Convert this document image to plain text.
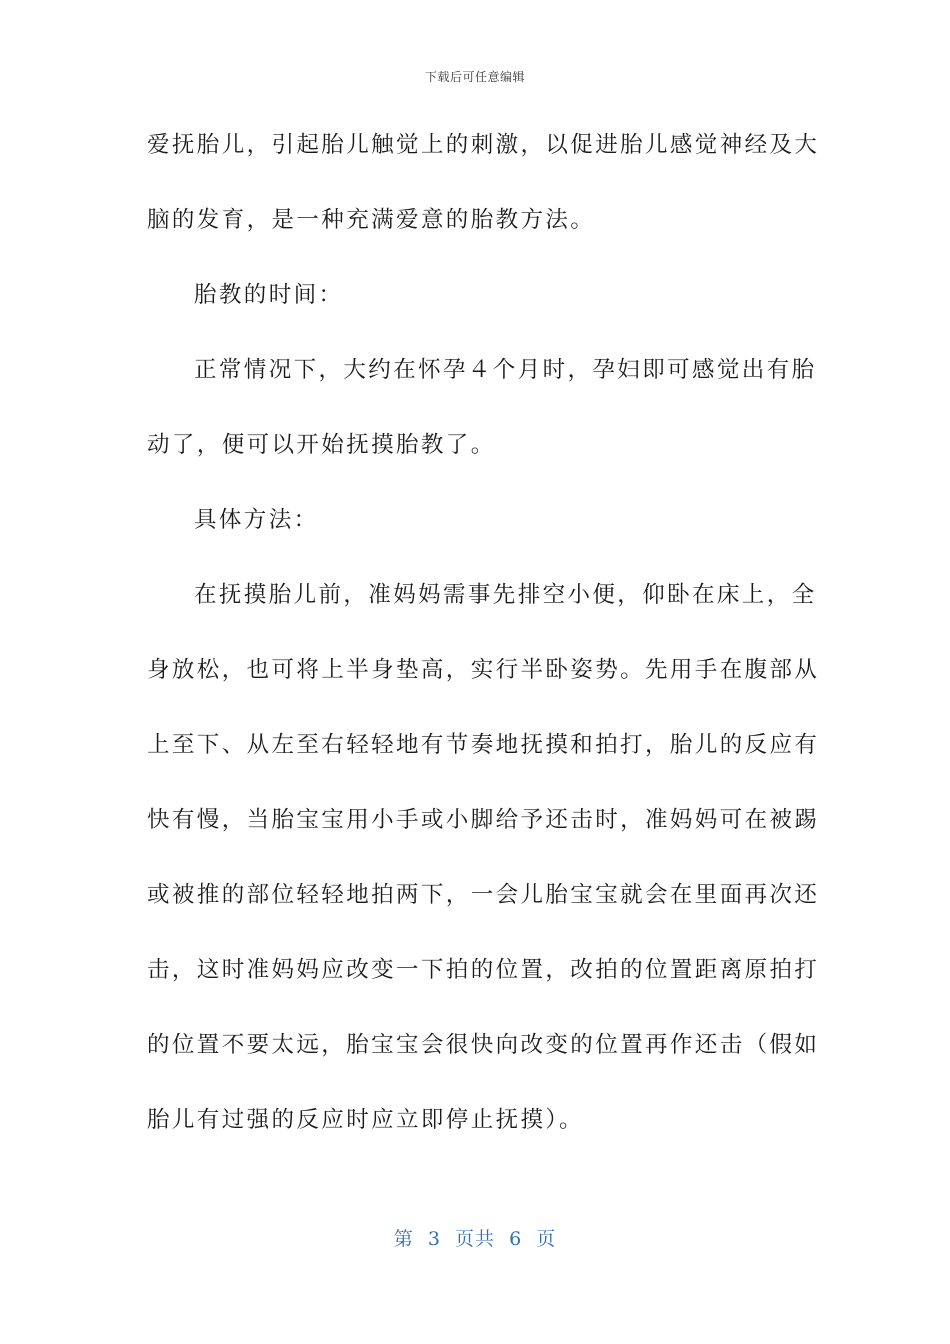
下载后可任意编辑
爱抚胎儿，引起胎儿触觉上的刺激，以促进胎儿感觉神经及大
脑的发育，是一种充满爱意的胎教方法。
胎教的时间：
正常情况下，大约在怀孕４个月时，孕妇即可感觉出有胎
动了，便可以开始抚摸胎教了。
具体方法：
在抚摸胎儿前，准妈妈需事先排空小便，仰卧在床上，全
身放松，也可将上半身垫高，实行半卧姿势。先用手在腹部从
上至下、从左至右轻轻地有节奏地抚摸和拍打，胎儿的反应有
快有慢，当胎宝宝用小手或小脚给予还击时，准妈妈可在被踢
或被推的部位轻轻地拍两下，一会儿胎宝宝就会在里面再次还
击，这时准妈妈应改变一下拍的位置，改拍的位置距离原拍打
的位置不要太远，胎宝宝会很快向改变的位置再作还击（假如
胎儿有过强的反应时应立即停止抚摸）。
第  3  页共  6  页
